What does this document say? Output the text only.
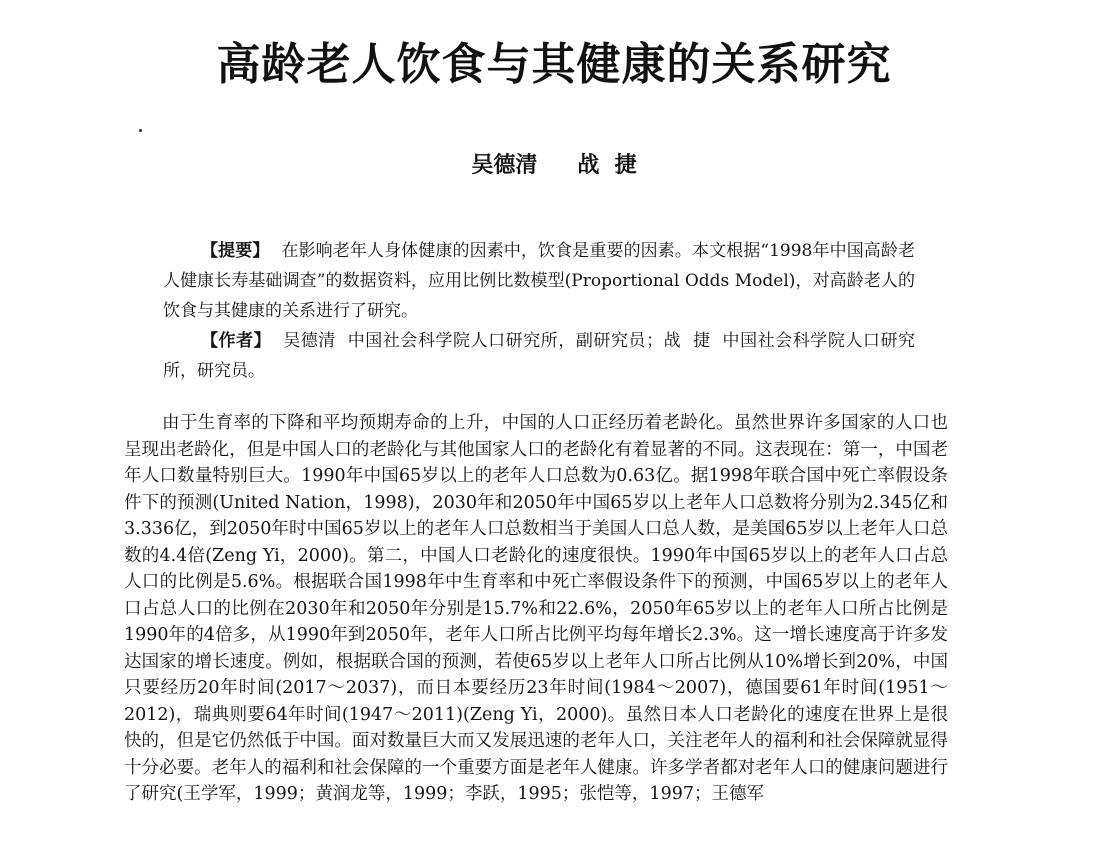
高龄老人饮食与其健康的关系研究
吴德清 战  捷

【提要】 在影响老年人身体健康的因素中，饮食是重要的因素。本文根据“1998年中国高龄老人健康长寿基础调查”的数据资料，应用比例比数模型(Proportional Odds Model)，对高龄老人的饮食与其健康的关系进行了研究。

【作者】 吴德清  中国社会科学院人口研究所，副研究员；战  捷  中国社会科学院人口研究所，研究员。

由于生育率的下降和平均预期寿命的上升，中国的人口正经历着老龄化。虽然世界许多国家的人口也呈现出老龄化，但是中国人口的老龄化与其他国家人口的老龄化有着显著的不同。这表现在：第一，中国老年人口数量特别巨大。1990年中国65岁以上的老年人口总数为0.63亿。据1998年联合国中死亡率假设条件下的预测(United Nation，1998)，2030年和2050年中国65岁以上老年人口总数将分别为2.345亿和3.336亿，到2050年时中国65岁以上的老年人口总数相当于美国人口总人数，是美国65岁以上老年人口总数的4.4倍(Zeng Yi，2000)。第二，中国人口老龄化的速度很快。1990年中国65岁以上的老年人口占总人口的比例是5.6%。根据联合国1998年中生育率和中死亡率假设条件下的预测，中国65岁以上的老年人口占总人口的比例在2030年和2050年分别是15.7%和22.6%，2050年65岁以上的老年人口所占比例是1990年的4倍多，从1990年到2050年，老年人口所占比例平均每年增长2.3%。这一增长速度高于许多发达国家的增长速度。例如，根据联合国的预测，若使65岁以上老年人口所占比例从10%增长到20%，中国只要经历20年时间(2017～2037)，而日本要经历23年时间(1984～2007)，德国要61年时间(1951～2012)，瑞典则要64年时间(1947～2011)(Zeng Yi，2000)。虽然日本人口老龄化的速度在世界上是很快的，但是它仍然低于中国。面对数量巨大而又发展迅速的老年人口，关注老年人的福利和社会保障就显得十分必要。老年人的福利和社会保障的一个重要方面是老年人健康。许多学者都对老年人口的健康问题进行了研究(王学军，1999；黄润龙等，1999；李跃，1995；张恺等，1997；王德军
